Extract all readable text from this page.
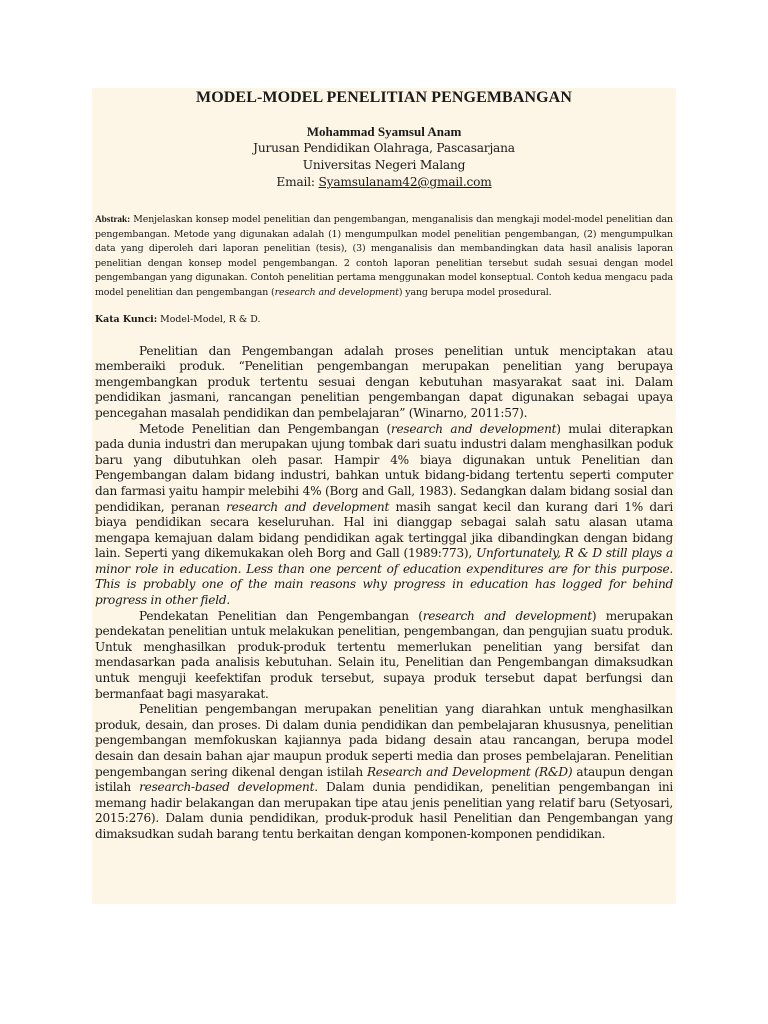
MODEL-MODEL PENELITIAN PENGEMBANGAN
Mohammad Syamsul Anam
Jurusan Pendidikan Olahraga, Pascasarjana
Universitas Negeri Malang
Email: Syamsulanam42@gmail.com
Abstrak: Menjelaskan konsep model penelitian dan pengembangan, menganalisis dan mengkaji model-model penelitian dan pengembangan. Metode yang digunakan adalah (1) mengumpulkan model penelitian pengembangan, (2) mengumpulkan data yang diperoleh dari laporan penelitian (tesis), (3) menganalisis dan membandingkan data hasil analisis laporan penelitian dengan konsep model pengembangan. 2 contoh laporan penelitian tersebut sudah sesuai dengan model pengembangan yang digunakan. Contoh penelitian pertama menggunakan model konseptual. Contoh kedua mengacu pada model penelitian dan pengembangan (research and development) yang berupa model prosedural.
Kata Kunci: Model-Model, R & D.

Penelitian dan Pengembangan adalah proses penelitian untuk menciptakan atau memberaiki produk. “Penelitian pengembangan merupakan penelitian yang berupaya mengembangkan produk tertentu sesuai dengan kebutuhan masyarakat saat ini. Dalam pendidikan jasmani, rancangan penelitian pengembangan dapat digunakan sebagai upaya pencegahan masalah pendidikan dan pembelajaran” (Winarno, 2011:57).

Metode Penelitian dan Pengembangan (research and development) mulai diterapkan pada dunia industri dan merupakan ujung tombak dari suatu industri dalam menghasilkan poduk baru yang dibutuhkan oleh pasar. Hampir 4% biaya digunakan untuk Penelitian dan Pengembangan dalam bidang industri, bahkan untuk bidang-bidang tertentu seperti computer dan farmasi yaitu hampir melebihi 4% (Borg and Gall, 1983). Sedangkan dalam bidang sosial dan pendidikan, peranan research and development masih sangat kecil dan kurang dari 1% dari biaya pendidikan secara keseluruhan. Hal ini dianggap sebagai salah satu alasan utama mengapa kemajuan dalam bidang pendidikan agak tertinggal jika dibandingkan dengan bidang lain. Seperti yang dikemukakan oleh Borg and Gall (1989:773), Unfortunately, R & D still plays a minor role in education. Less than one percent of education expenditures are for this purpose. This is probably one of the main reasons why progress in education has logged for behind progress in other field.

Pendekatan Penelitian dan Pengembangan (research and development) merupakan pendekatan penelitian untuk melakukan penelitian, pengembangan, dan pengujian suatu produk. Untuk menghasilkan produk-produk tertentu memerlukan penelitian yang bersifat dan mendasarkan pada analisis kebutuhan. Selain itu, Penelitian dan Pengembangan dimaksudkan untuk menguji keefektifan produk tersebut, supaya produk tersebut dapat berfungsi dan bermanfaat bagi masyarakat.

Penelitian pengembangan merupakan penelitian yang diarahkan untuk menghasilkan produk, desain, dan proses. Di dalam dunia pendidikan dan pembelajaran khususnya, penelitian pengembangan memfokuskan kajiannya pada bidang desain atau rancangan, berupa model desain dan desain bahan ajar maupun produk seperti media dan proses pembelajaran. Penelitian pengembangan sering dikenal dengan istilah Research and Development (R&D) ataupun dengan istilah research-based development. Dalam dunia pendidikan, penelitian pengembangan ini memang hadir belakangan dan merupakan tipe atau jenis penelitian yang relatif baru (Setyosari, 2015:276). Dalam dunia pendidikan, produk-produk hasil Penelitian dan Pengembangan yang dimaksudkan sudah barang tentu berkaitan dengan komponen-komponen pendidikan.
